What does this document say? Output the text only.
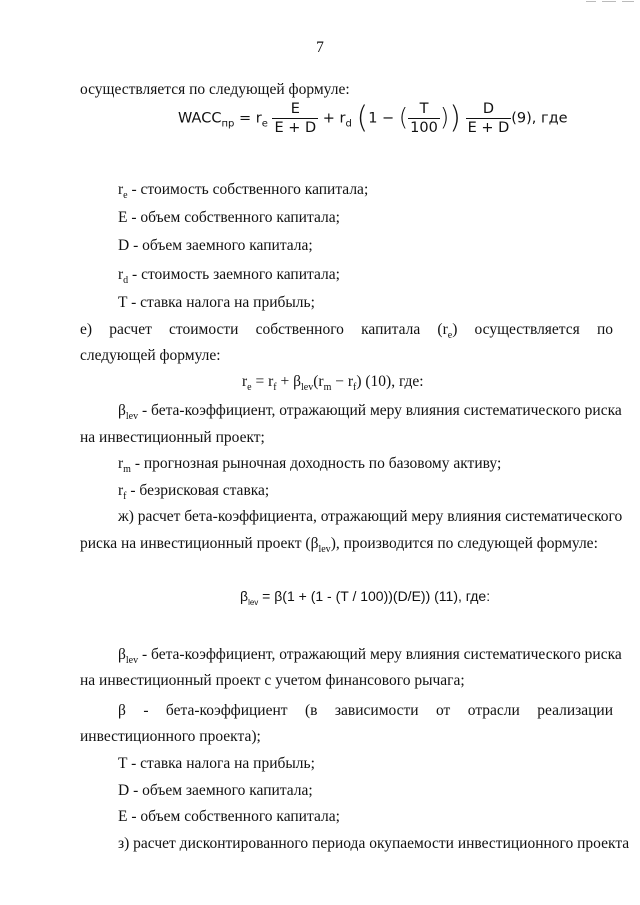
7
осуществляется по следующей формуле:
$WACC_{пр} = r_e \frac{E}{E + D} + r_d$ (1 − ( $\frac{T}{100}$ )) $\frac{D}{E + D} (9)$, где
$r_e$ - стоимость собственного капитала;
E - объем собственного капитала;
D - объем заемного капитала;
$r_d$ - стоимость заемного капитала;
T - ставка налога на прибыль;
е) расчет стоимости собственного капитала $(r_e)$ осуществляется по
следующей формуле:
$r_e = r_f + \beta_{lev}(r_m - r_f)$ (10), где:
$\beta_{lev}$ - бета-коэффициент, отражающий меру влияния систематического риска
на инвестиционный проект;
$r_m$ - прогнозная рыночная доходность по базовому активу;
$r_f$ - безрисковая ставка;
ж) расчет бета-коэффициента, отражающий меру влияния систематического
риска на инвестиционный проект $(\beta_{lev})$, производится по следующей формуле:
$\beta_{lev} = \beta(1 + (1 - (T / 100))(D/E))$ (11), где:
$\beta_{lev}$ - бета-коэффициент, отражающий меру влияния систематического риска
на инвестиционный проект с учетом финансового рычага;
β - бета-коэффициент (в зависимости от отрасли реализации
инвестиционного проекта);
T - ставка налога на прибыль;
D - объем заемного капитала;
E - объем собственного капитала;
з) расчет дисконтированного периода окупаемости инвестиционного проекта
